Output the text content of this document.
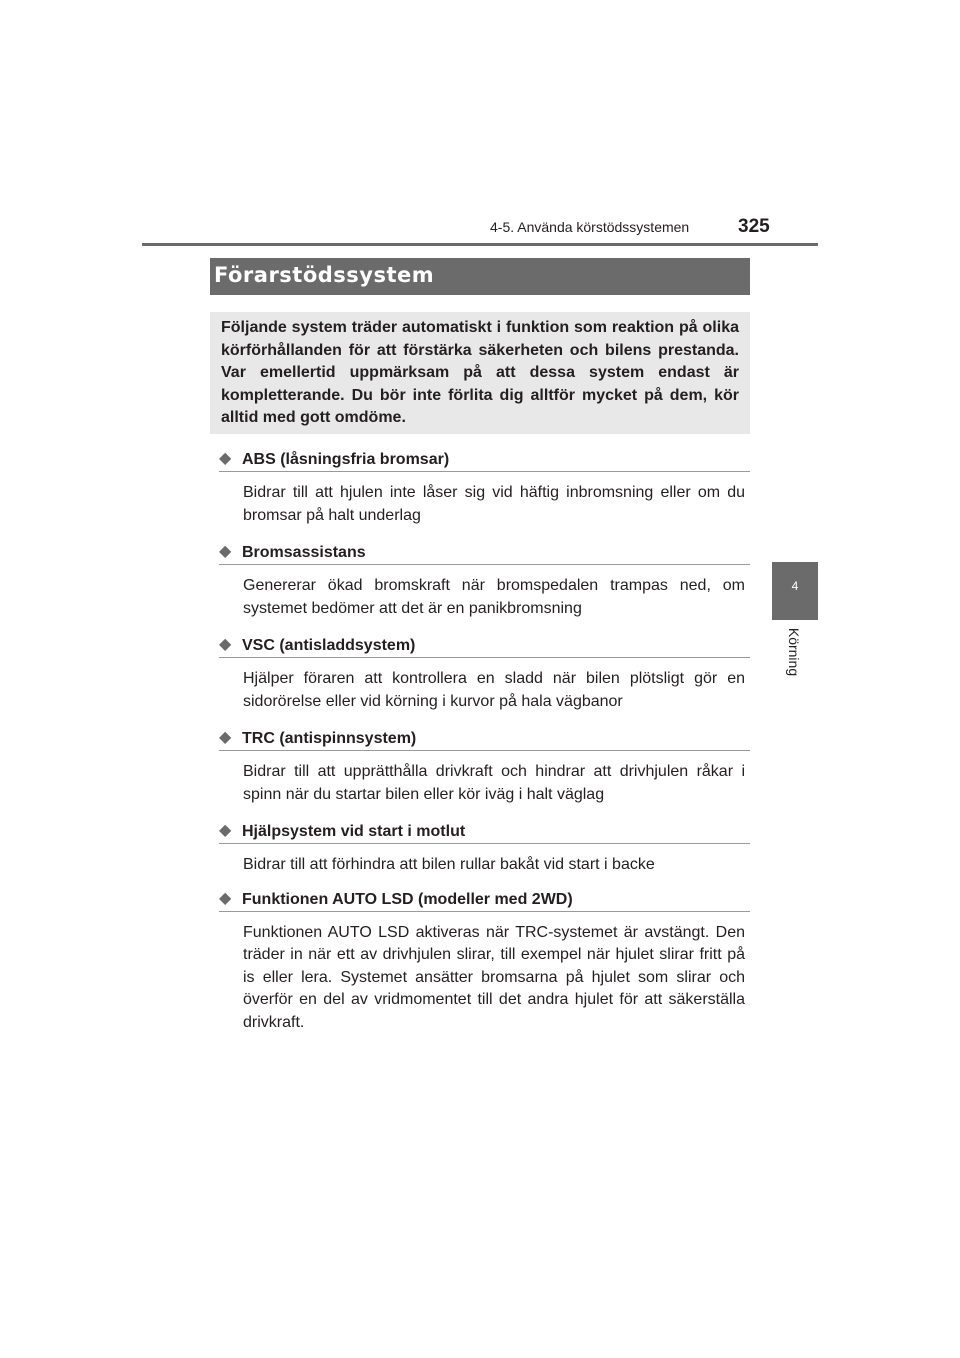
4-5. Använda körstödssystemen	325
4
Körning
Förarstödssystem

Följande system träder automatiskt i funktion som reaktion på olika körförhållanden för att förstärka säkerheten och bilens prestanda. Var emellertid uppmärksam på att dessa system endast är kompletterande. Du bör inte förlita dig alltför mycket på dem, kör alltid med gott omdöme.

◆ ABS (låsningsfria bromsar)

Bidrar till att hjulen inte låser sig vid häftig inbromsning eller om du bromsar på halt underlag

◆ Bromsassistans

Genererar ökad bromskraft när bromspedalen trampas ned, om systemet bedömer att det är en panikbromsning

◆ VSC (antisladdsystem)

Hjälper föraren att kontrollera en sladd när bilen plötsligt gör en sidorörelse eller vid körning i kurvor på hala vägbanor

◆ TRC (antispinnsystem)

Bidrar till att upprätthålla drivkraft och hindrar att drivhjulen råkar i spinn när du startar bilen eller kör iväg i halt väglag

◆ Hjälpsystem vid start i motlut

Bidrar till att förhindra att bilen rullar bakåt vid start i backe

◆ Funktionen AUTO LSD (modeller med 2WD)

Funktionen AUTO LSD aktiveras när TRC-systemet är avstängt. Den träder in när ett av drivhjulen slirar, till exempel när hjulet slirar fritt på is eller lera. Systemet ansätter bromsarna på hjulet som slirar och överför en del av vridmomentet till det andra hjulet för att säkerställa drivkraft.
